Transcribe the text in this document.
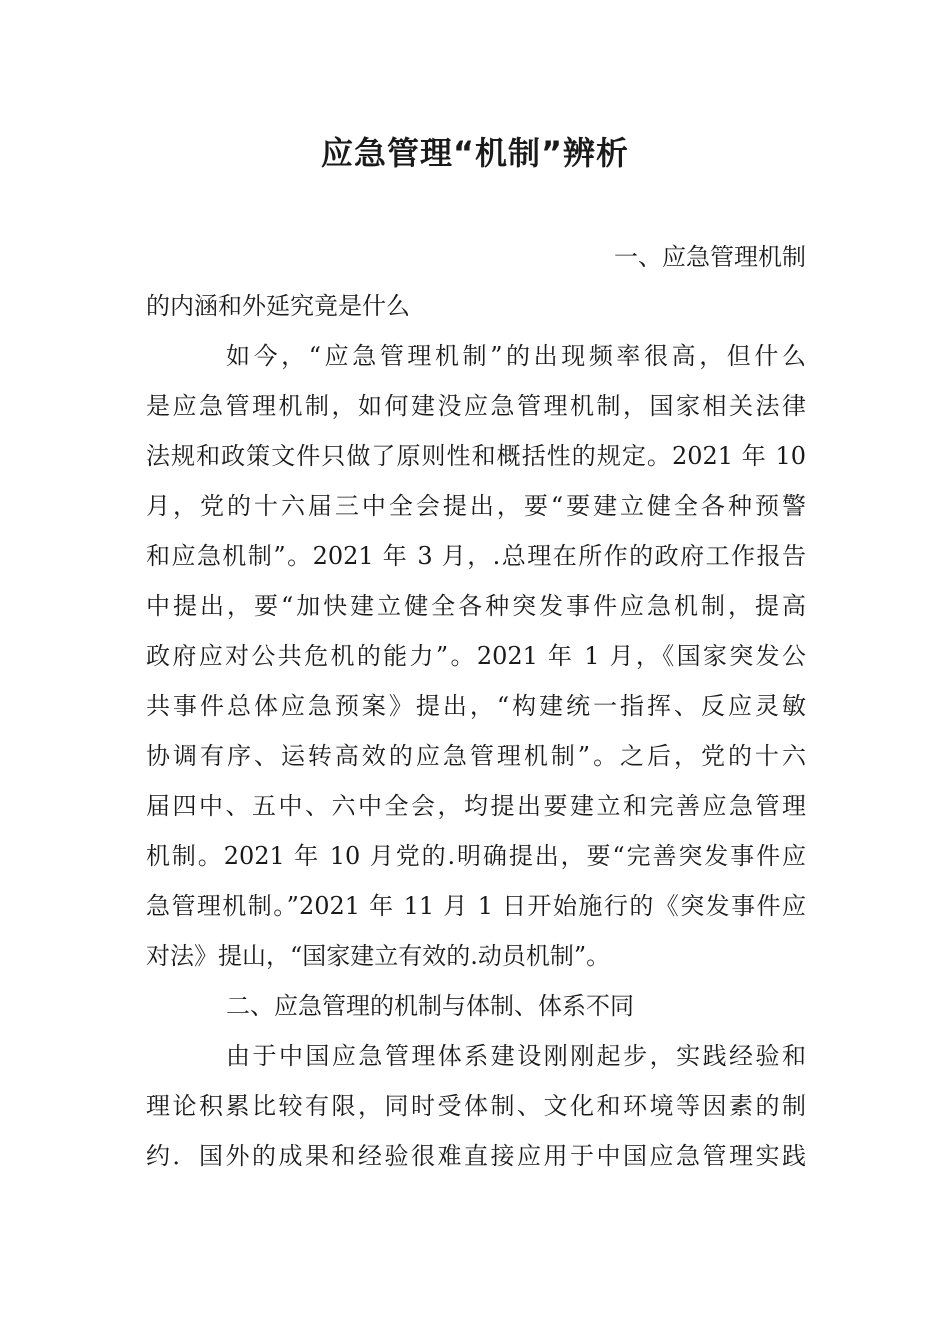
应急管理“机制”辨析
一、应急管理机制
的内涵和外延究竟是什么
如今，“应急管理机制”的出现频率很高，但什么
是应急管理机制，如何建没应急管理机制，国家相关法律
法规和政策文件只做了原则性和概括性的规定。2021 年 10
月，党的十六届三中全会提出，要“要建立健全各种预警
和应急机制”。2021 年 3 月，.总理在所作的政府工作报告
中提出，要“加快建立健全各种突发事件应急机制，提高
政府应对公共危机的能力”。2021 年 1 月，《国家突发公
共事件总体应急预案》提出，“构建统一指挥、反应灵敏
协调有序、运转高效的应急管理机制”。之后，党的十六
届四中、五中、六中全会，均提出要建立和完善应急管理
机制。2021 年 10 月党的.明确提出，要“完善突发事件应
急管理机制。”2021 年 11 月 1 日开始施行的《突发事件应
对法》提山，“国家建立有效的.动员机制”。
二、应急管理的机制与体制、体系不同
由于中国应急管理体系建设刚刚起步，实践经验和
理论积累比较有限，同时受体制、文化和环境等因素的制
约．国外的成果和经验很难直接应用于中国应急管理实践
